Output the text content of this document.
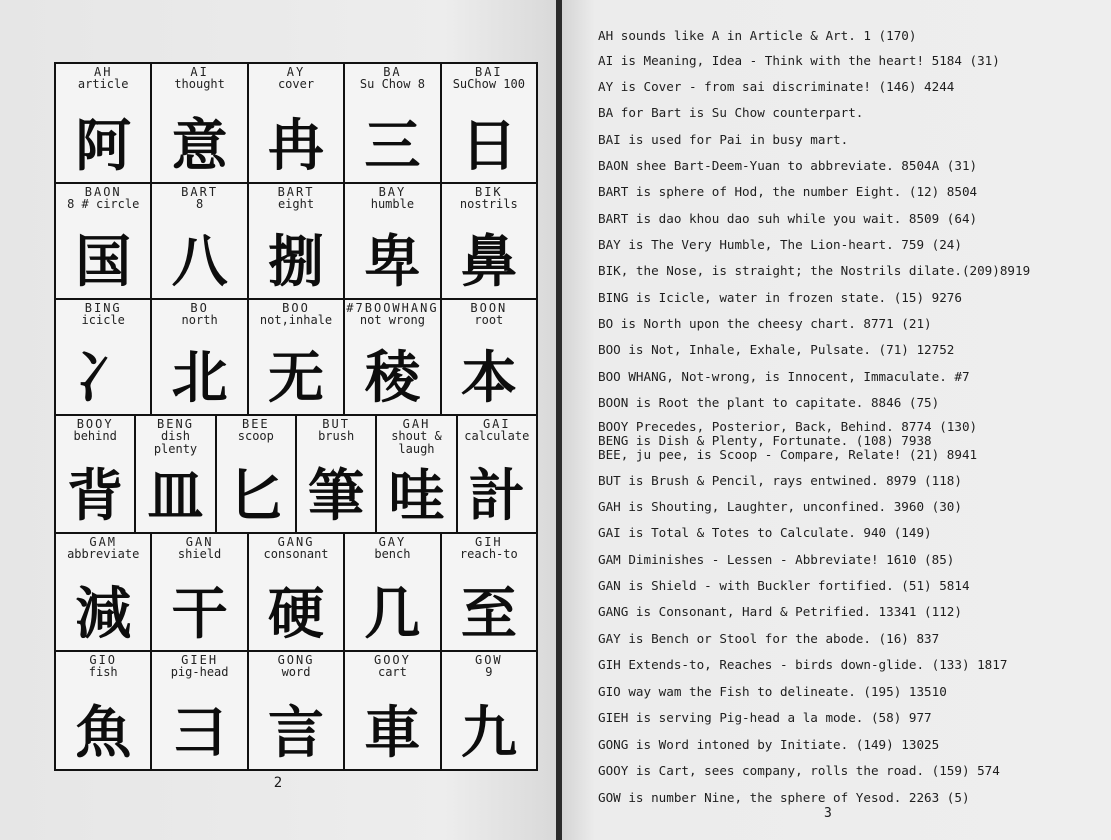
AH
article
阿
AI
thought
意
AY
cover
冉
BA
Su Chow 8
三
BAI
SuChow 100
日
BAON
8 # circle
国
BART
8
八
BART
eight
捌
BAY
humble
卑
BIK
nostrils
鼻
BING
icicle
冫
BO
north
北
BOO
not,inhale
无
#7BOOWHANG
not wrong
稜
BOON
root
本
BOOY
behind
背
BENG
dish
plenty
皿
BEE
scoop
匕
BUT
brush
筆
GAH
shout &
laugh
哇
GAI
calculate
計
GAM
abbreviate
減
GAN
shield
干
GANG
consonant
硬
GAY
bench
几
GIH
reach-to
至
GIO
fish
魚
GIEH
pig-head
彐
GONG
word
言
GOOY
cart
車
GOW
9
九
2
AH sounds like A in Article & Art. 1 (170)
AI is Meaning, Idea - Think with the heart! 5184 (31)
AY is Cover - from sai discriminate! (146) 4244
BA for Bart is Su Chow counterpart.
BAI is used for Pai in busy mart.
BAON shee Bart-Deem-Yuan to abbreviate. 8504A (31)
BART is sphere of Hod, the number Eight. (12) 8504
BART is dao khou dao suh while you wait. 8509 (64)
BAY is The Very Humble, The Lion-heart. 759 (24)
BIK, the Nose, is straight; the Nostrils dilate.(209)8919
BING is Icicle, water in frozen state. (15) 9276
BO is North upon the cheesy chart. 8771 (21)
BOO is Not, Inhale, Exhale, Pulsate. (71) 12752
BOO WHANG, Not-wrong, is Innocent, Immaculate. #7
BOON is Root the plant to capitate. 8846 (75)
BOOY Precedes, Posterior, Back, Behind. 8774 (130)
BENG is Dish & Plenty, Fortunate. (108) 7938
BEE, ju pee, is Scoop - Compare, Relate! (21) 8941
BUT is Brush & Pencil, rays entwined. 8979 (118)
GAH is Shouting, Laughter, unconfined. 3960 (30)
GAI is Total & Totes to Calculate. 940 (149)
GAM Diminishes - Lessen - Abbreviate! 1610 (85)
GAN is Shield - with Buckler fortified. (51) 5814
GANG is Consonant, Hard & Petrified. 13341 (112)
GAY is Bench or Stool for the abode. (16) 837
GIH Extends-to, Reaches - birds down-glide. (133) 1817
GIO way wam the Fish to delineate. (195) 13510
GIEH is serving Pig-head a la mode. (58) 977
GONG is Word intoned by Initiate. (149) 13025
GOOY is Cart, sees company, rolls the road. (159) 574
GOW is number Nine, the sphere of Yesod. 2263 (5)
3
